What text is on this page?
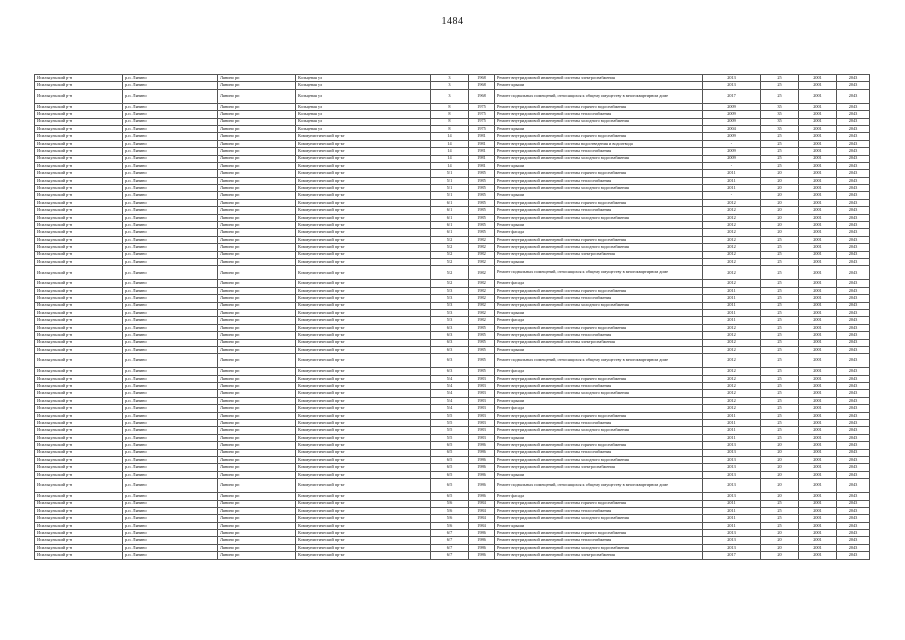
1484
Исилькульский р-н	р.п. Лянино	Лянино рп	Кольцевая ул	3	1968	Ремонт внутридомовой инженерной системы электроснабжения	2013	25	2001	2043
Исилькульский р-н	р.п. Лянино	Лянино рп	Кольцевая ул	3	1968	Ремонт крыши	2013	25	2001	2043
Исилькульский р-н	р.п. Лянино	Лянино рп	Кольцевая ул	3	1968	Ремонт подвальных помещений, относящихся к общему имуществу в многоквартирном доме	2017	25	2001	2043
Исилькульский р-н	р.п. Лянино	Лянино рп	Кольцевая ул	8	1975	Ремонт внутридомовой инженерной системы горячего водоснабжения	2009	35	2001	2043
Исилькульский р-н	р.п. Лянино	Лянино рп	Кольцевая ул	8	1975	Ремонт внутридомовой инженерной системы теплоснабжения	2009	35	2001	2043
Исилькульский р-н	р.п. Лянино	Лянино рп	Кольцевая ул	8	1975	Ремонт внутридомовой инженерной системы холодного водоснабжения	2009	35	2001	2043
Исилькульский р-н	р.п. Лянино	Лянино рп	Кольцевая ул	8	1975	Ремонт крыши	2004	35	2001	2043
Исилькульский р-н	р.п. Лянино	Лянино рп	Коммунистический пр-кт	14	1981	Ремонт внутридомовой инженерной системы горячего водоснабжения	2009	25	2001	2043
Исилькульский р-н	р.п. Лянино	Лянино рп	Коммунистический пр-кт	14	1981	Ремонт внутридомовой инженерной системы водоотведения и водоотвода	-	25	2001	2043
Исилькульский р-н	р.п. Лянино	Лянино рп	Коммунистический пр-кт	14	1981	Ремонт внутридомовой инженерной системы теплоснабжения	2009	25	2001	2043
Исилькульский р-н	р.п. Лянино	Лянино рп	Коммунистический пр-кт	14	1981	Ремонт внутридомовой инженерной системы холодного водоснабжения	2009	25	2001	2043
Исилькульский р-н	р.п. Лянино	Лянино рп	Коммунистический пр-кт	14	1981	Ремонт крыши	-	25	2001	2043
Исилькульский р-н	р.п. Лянино	Лянино рп	Коммунистический пр-кт	5/1	1985	Ремонт внутридомовой инженерной системы горячего водоснабжения	2011	20	2001	2043
Исилькульский р-н	р.п. Лянино	Лянино рп	Коммунистический пр-кт	5/1	1985	Ремонт внутридомовой инженерной системы теплоснабжения	2011	20	2001	2043
Исилькульский р-н	р.п. Лянино	Лянино рп	Коммунистический пр-кт	5/1	1985	Ремонт внутридомовой инженерной системы холодного водоснабжения	2011	20	2001	2043
Исилькульский р-н	р.п. Лянино	Лянино рп	Коммунистический пр-кт	5/1	1985	Ремонт крыши	-	20	2001	2043
Исилькульский р-н	р.п. Лянино	Лянино рп	Коммунистический пр-кт	6/1	1985	Ремонт внутридомовой инженерной системы горячего водоснабжения	2012	20	2001	2043
Исилькульский р-н	р.п. Лянино	Лянино рп	Коммунистический пр-кт	6/1	1985	Ремонт внутридомовой инженерной системы теплоснабжения	2012	20	2001	2043
Исилькульский р-н	р.п. Лянино	Лянино рп	Коммунистический пр-кт	6/1	1985	Ремонт внутридомовой инженерной системы холодного водоснабжения	2012	20	2001	2043
Исилькульский р-н	р.п. Лянино	Лянино рп	Коммунистический пр-кт	6/1	1985	Ремонт крыши	2012	20	2001	2043
Исилькульский р-н	р.п. Лянино	Лянино рп	Коммунистический пр-кт	6/1	1985	Ремонт фасада	2012	20	2001	2043
Исилькульский р-н	р.п. Лянино	Лянино рп	Коммунистический пр-кт	5/2	1982	Ремонт внутридомовой инженерной системы горячего водоснабжения	2012	25	2001	2043
Исилькульский р-н	р.п. Лянино	Лянино рп	Коммунистический пр-кт	5/2	1982	Ремонт внутридомовой инженерной системы холодного водоснабжения	2012	25	2001	2043
Исилькульский р-н	р.п. Лянино	Лянино рп	Коммунистический пр-кт	5/2	1982	Ремонт внутридомовой инженерной системы электроснабжения	2012	25	2001	2043
Исилькульский р-н	р.п. Лянино	Лянино рп	Коммунистический пр-кт	5/2	1982	Ремонт крыши	2012	25	2001	2043
Исилькульский р-н	р.п. Лянино	Лянино рп	Коммунистический пр-кт	5/2	1982	Ремонт подвальных помещений, относящихся к общему имуществу в многоквартирном доме	2012	25	2001	2043
Исилькульский р-н	р.п. Лянино	Лянино рп	Коммунистический пр-кт	5/2	1982	Ремонт фасада	2012	25	2001	2043
Исилькульский р-н	р.п. Лянино	Лянино рп	Коммунистический пр-кт	5/3	1982	Ремонт внутридомовой инженерной системы горячего водоснабжения	2011	25	2001	2043
Исилькульский р-н	р.п. Лянино	Лянино рп	Коммунистический пр-кт	5/3	1982	Ремонт внутридомовой инженерной системы теплоснабжения	2011	25	2001	2043
Исилькульский р-н	р.п. Лянино	Лянино рп	Коммунистический пр-кт	5/3	1982	Ремонт внутридомовой инженерной системы холодного водоснабжения	2011	25	2001	2043
Исилькульский р-н	р.п. Лянино	Лянино рп	Коммунистический пр-кт	5/3	1982	Ремонт крыши	2011	25	2001	2043
Исилькульский р-н	р.п. Лянино	Лянино рп	Коммунистический пр-кт	5/3	1982	Ремонт фасада	2011	25	2001	2043
Исилькульский р-н	р.п. Лянино	Лянино рп	Коммунистический пр-кт	6/3	1985	Ремонт внутридомовой инженерной системы горячего водоснабжения	2012	25	2001	2043
Исилькульский р-н	р.п. Лянино	Лянино рп	Коммунистический пр-кт	6/3	1985	Ремонт внутридомовой инженерной системы теплоснабжения	2012	25	2001	2043
Исилькульский р-н	р.п. Лянино	Лянино рп	Коммунистический пр-кт	6/3	1985	Ремонт внутридомовой инженерной системы электроснабжения	2012	25	2001	2043
Исилькульский р-н	р.п. Лянино	Лянино рп	Коммунистический пр-кт	6/3	1985	Ремонт крыши	2012	25	2001	2043
Исилькульский р-н	р.п. Лянино	Лянино рп	Коммунистический пр-кт	6/3	1985	Ремонт подвальных помещений, относящихся к общему имуществу в многоквартирном доме	2012	25	2001	2043
Исилькульский р-н	р.п. Лянино	Лянино рп	Коммунистический пр-кт	6/3	1985	Ремонт фасада	2012	25	2001	2043
Исилькульский р-н	р.п. Лянино	Лянино рп	Коммунистический пр-кт	5/4	1983	Ремонт внутридомовой инженерной системы горячего водоснабжения	2012	25	2001	2043
Исилькульский р-н	р.п. Лянино	Лянино рп	Коммунистический пр-кт	5/4	1983	Ремонт внутридомовой инженерной системы теплоснабжения	2012	25	2001	2043
Исилькульский р-н	р.п. Лянино	Лянино рп	Коммунистический пр-кт	5/4	1983	Ремонт внутридомовой инженерной системы холодного водоснабжения	2012	25	2001	2043
Исилькульский р-н	р.п. Лянино	Лянино рп	Коммунистический пр-кт	5/4	1983	Ремонт крыши	2012	25	2001	2043
Исилькульский р-н	р.п. Лянино	Лянино рп	Коммунистический пр-кт	5/4	1983	Ремонт фасада	2012	25	2001	2043
Исилькульский р-н	р.п. Лянино	Лянино рп	Коммунистический пр-кт	5/5	1983	Ремонт внутридомовой инженерной системы горячего водоснабжения	2011	25	2001	2043
Исилькульский р-н	р.п. Лянино	Лянино рп	Коммунистический пр-кт	5/5	1983	Ремонт внутридомовой инженерной системы теплоснабжения	2011	25	2001	2043
Исилькульский р-н	р.п. Лянино	Лянино рп	Коммунистический пр-кт	5/5	1983	Ремонт внутридомовой инженерной системы холодного водоснабжения	2011	25	2001	2043
Исилькульский р-н	р.п. Лянино	Лянино рп	Коммунистический пр-кт	5/5	1983	Ремонт крыши	2011	25	2001	2043
Исилькульский р-н	р.п. Лянино	Лянино рп	Коммунистический пр-кт	6/5	1986	Ремонт внутридомовой инженерной системы горячего водоснабжения	2013	20	2001	2043
Исилькульский р-н	р.п. Лянино	Лянино рп	Коммунистический пр-кт	6/5	1986	Ремонт внутридомовой инженерной системы теплоснабжения	2013	20	2001	2043
Исилькульский р-н	р.п. Лянино	Лянино рп	Коммунистический пр-кт	6/5	1986	Ремонт внутридомовой инженерной системы холодного водоснабжения	2013	20	2001	2043
Исилькульский р-н	р.п. Лянино	Лянино рп	Коммунистический пр-кт	6/5	1986	Ремонт внутридомовой инженерной системы электроснабжения	2013	20	2001	2043
Исилькульский р-н	р.п. Лянино	Лянино рп	Коммунистический пр-кт	6/5	1986	Ремонт крыши	2013	20	2001	2043
Исилькульский р-н	р.п. Лянино	Лянино рп	Коммунистический пр-кт	6/5	1986	Ремонт подвальных помещений, относящихся к общему имуществу в многоквартирном доме	2013	20	2001	2043
Исилькульский р-н	р.п. Лянино	Лянино рп	Коммунистический пр-кт	6/5	1986	Ремонт фасада	2013	20	2001	2043
Исилькульский р-н	р.п. Лянино	Лянино рп	Коммунистический пр-кт	5/6	1984	Ремонт внутридомовой инженерной системы горячего водоснабжения	2011	25	2001	2043
Исилькульский р-н	р.п. Лянино	Лянино рп	Коммунистический пр-кт	5/6	1984	Ремонт внутридомовой инженерной системы теплоснабжения	2011	25	2001	2043
Исилькульский р-н	р.п. Лянино	Лянино рп	Коммунистический пр-кт	5/6	1984	Ремонт внутридомовой инженерной системы холодного водоснабжения	2011	25	2001	2043
Исилькульский р-н	р.п. Лянино	Лянино рп	Коммунистический пр-кт	5/6	1984	Ремонт крыши	2011	25	2001	2043
Исилькульский р-н	р.п. Лянино	Лянино рп	Коммунистический пр-кт	6/7	1986	Ремонт внутридомовой инженерной системы горячего водоснабжения	2013	20	2001	2043
Исилькульский р-н	р.п. Лянино	Лянино рп	Коммунистический пр-кт	6/7	1986	Ремонт внутридомовой инженерной системы теплоснабжения	2013	20	2001	2043
Исилькульский р-н	р.п. Лянино	Лянино рп	Коммунистический пр-кт	6/7	1986	Ремонт внутридомовой инженерной системы холодного водоснабжения	2013	20	2001	2043
Исилькульский р-н	р.п. Лянино	Лянино рп	Коммунистический пр-кт	6/7	1986	Ремонт внутридомовой инженерной системы электроснабжения	2017	20	2001	2043
